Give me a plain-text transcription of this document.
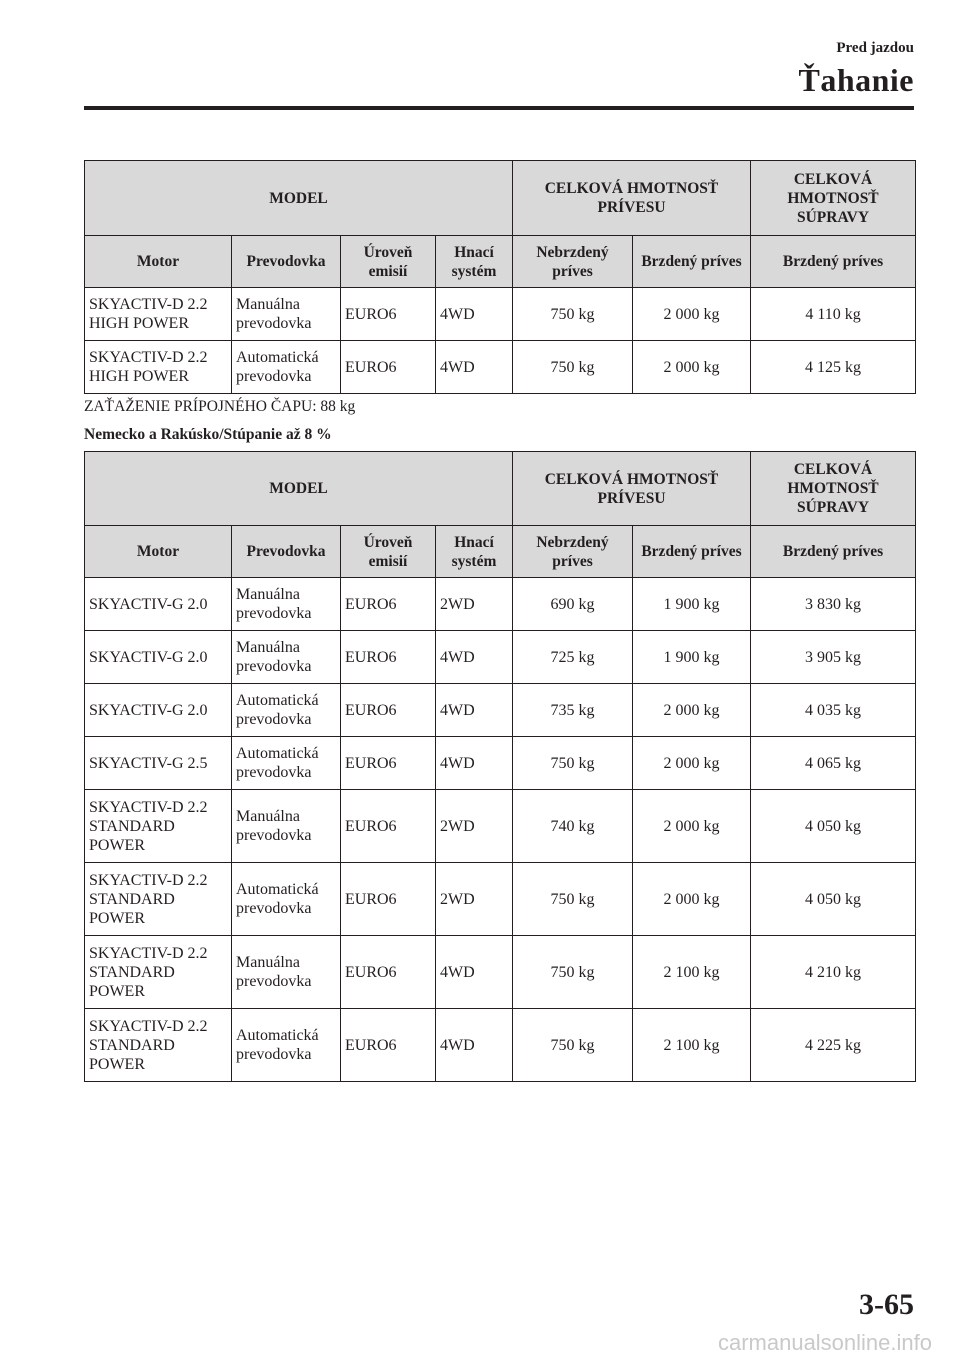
Pred jazdou
Ťahanie
MODEL				CELKOVÁ HMOTNOSŤ PRÍVESU		CELKOVÁ HMOTNOSŤ SÚPRAVY
Motor	Prevodovka	Úroveň emisií	Hnací systém	Nebrzdený príves	Brzdený príves	Brzdený príves
SKYACTIV-D 2.2 HIGH POWER	Manuálna prevodovka	EURO6	4WD	750 kg	2 000 kg	4 110 kg
SKYACTIV-D 2.2 HIGH POWER	Automatická prevodovka	EURO6	4WD	750 kg	2 000 kg	4 125 kg
ZAŤAŽENIE PRÍPOJNÉHO ČAPU: 88 kg
Nemecko a Rakúsko/Stúpanie až 8 %
MODEL				CELKOVÁ HMOTNOSŤ PRÍVESU		CELKOVÁ HMOTNOSŤ SÚPRAVY
Motor	Prevodovka	Úroveň emisií	Hnací systém	Nebrzdený príves	Brzdený príves	Brzdený príves
SKYACTIV-G 2.0	Manuálna prevodovka	EURO6	2WD	690 kg	1 900 kg	3 830 kg
SKYACTIV-G 2.0	Manuálna prevodovka	EURO6	4WD	725 kg	1 900 kg	3 905 kg
SKYACTIV-G 2.0	Automatická prevodovka	EURO6	4WD	735 kg	2 000 kg	4 035 kg
SKYACTIV-G 2.5	Automatická prevodovka	EURO6	4WD	750 kg	2 000 kg	4 065 kg
SKYACTIV-D 2.2 STANDARD POWER	Manuálna prevodovka	EURO6	2WD	740 kg	2 000 kg	4 050 kg
SKYACTIV-D 2.2 STANDARD POWER	Automatická prevodovka	EURO6	2WD	750 kg	2 000 kg	4 050 kg
SKYACTIV-D 2.2 STANDARD POWER	Manuálna prevodovka	EURO6	4WD	750 kg	2 100 kg	4 210 kg
SKYACTIV-D 2.2 STANDARD POWER	Automatická prevodovka	EURO6	4WD	750 kg	2 100 kg	4 225 kg
3-65
carmanualsonline.info
